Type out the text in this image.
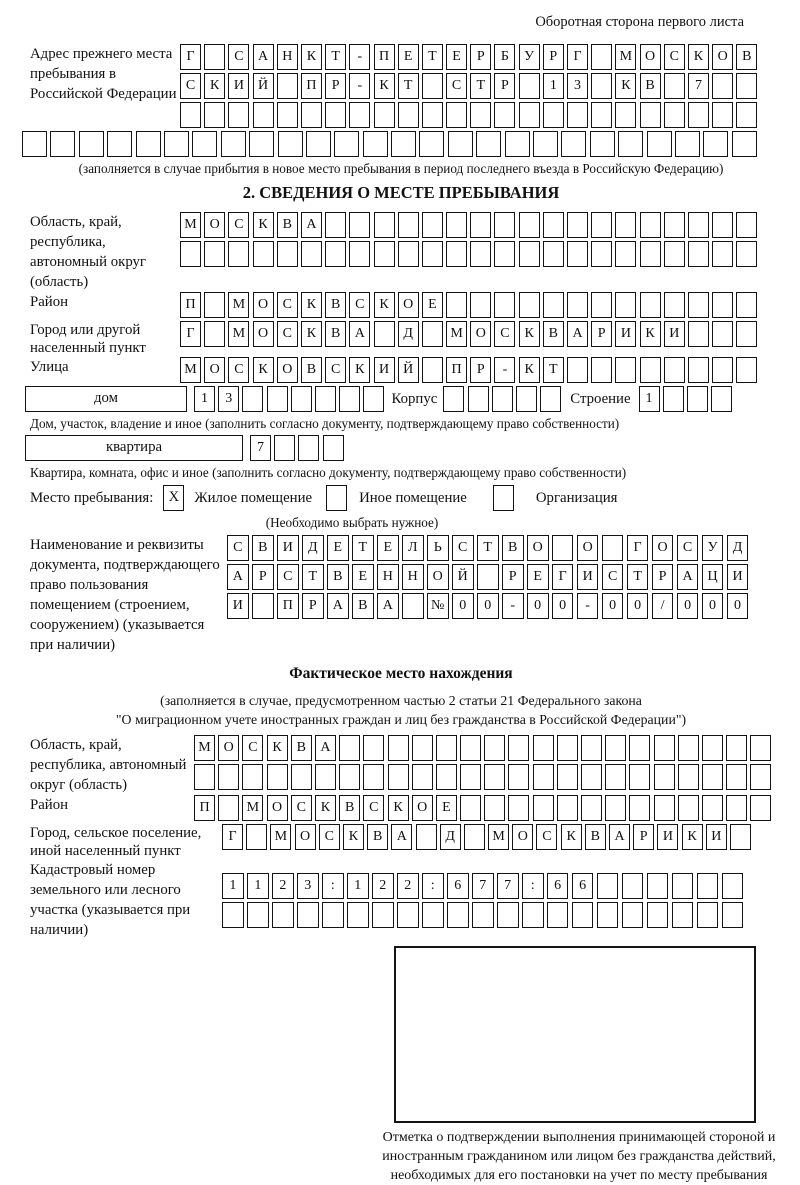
Оборотная сторона первого листа
Адрес прежнего места пребывания в Российской Федерации
Г	С А Н К Т - П Е Т Е Р Б У Р Г	М О С К О В
С К И Й	П Р - К Т	С Т Р	1 3	К В	7

(заполняется в случае прибытия в новое место пребывания в период последнего въезда в Российскую Федерацию)
2. СВЕДЕНИЯ О МЕСТЕ ПРЕБЫВАНИЯ
Область, край, республика, автономный округ (область)
М О С К В А

Район	П	М О С К В С К О Е
Город или другой населенный пункт
Г	М О С К В А	Д	М О С К В А Р И К И
Улица	М О С К О В С К И Й	П Р - К Т
дом	1 3	Корпус	Строение 1
Дом, участок, владение и иное (заполнить согласно документу, подтверждающему право собственности)
квартира	7
Квартира, комната, офис и иное (заполнить согласно документу, подтверждающему право собственности)
Место пребывания: X Жилое помещение	Иное помещение	Организация
(Необходимо выбрать нужное)
Наименование и реквизиты документа, подтверждающего право пользования помещением (строением, сооружением) (указывается при наличии)
С В И Д Е Т Е Л Ь С Т В О	О	Г О С У Д
А Р С Т В Е Н Н О Й	Р Е Г И С Т Р А Ц И
И	П Р А В А	№ 0 0 - 0 0 - 0 0 / 0 0 0
Фактическое место нахождения
(заполняется в случае, предусмотренном частью 2 статьи 21 Федерального закона
"О миграционном учете иностранных граждан и лиц без гражданства в Российской Федерации")
Область, край, республика, автономный округ (область)
М О С К В А

Район	П	М О С К В С К О Е
Город, сельское поселение, иной населенный пункт
Г	М О С К В А	Д	М О С К В А Р И К И
Кадастровый номер земельного или лесного участка (указывается при наличии)
1 1 2 3 : 1 2 2 : 6 7 7 : 6 6

Отметка о подтверждении выполнения принимающей стороной и иностранным гражданином или лицом без гражданства действий, необходимых для его постановки на учет по месту пребывания
